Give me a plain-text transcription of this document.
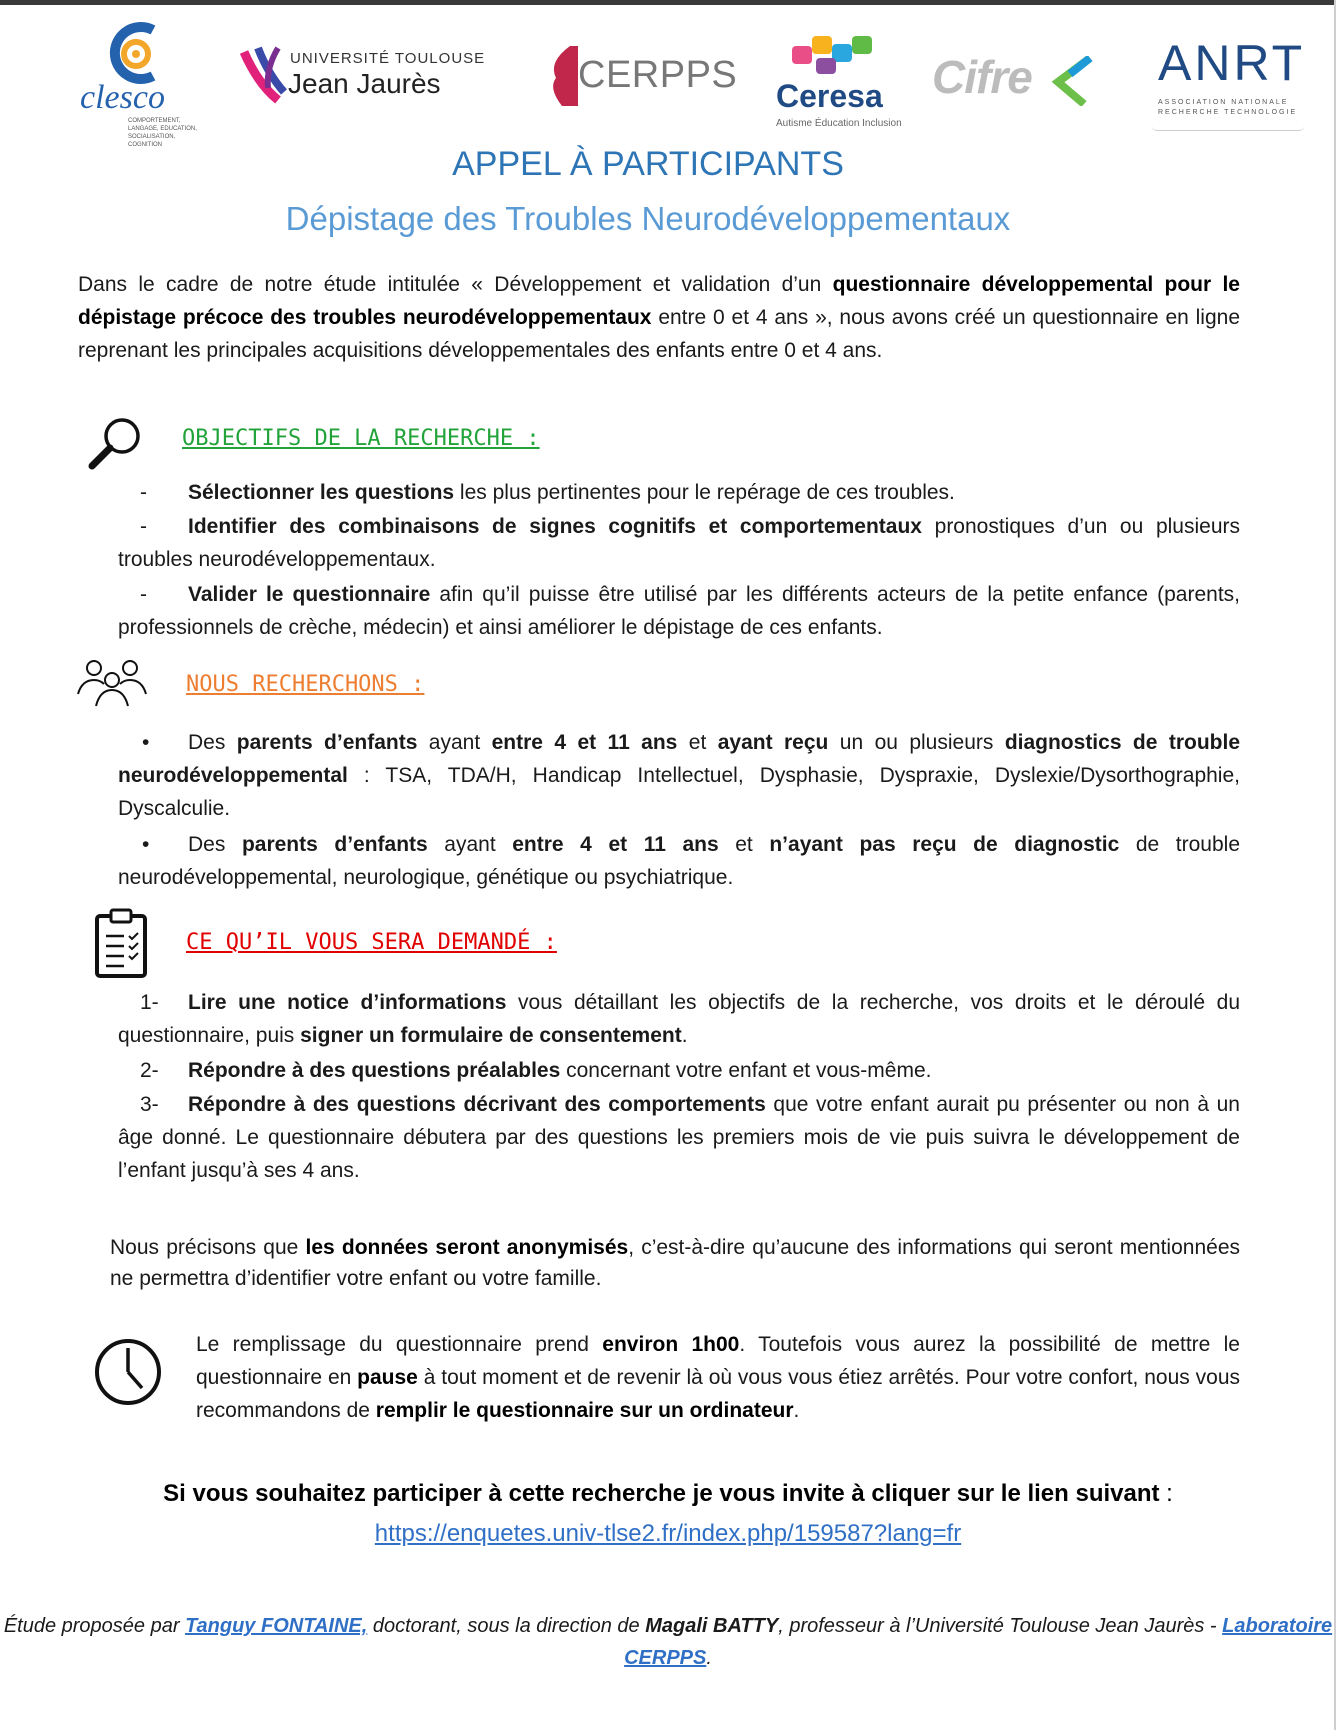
clesco
COMPORTEMENT, LANGAGE, EDUCATION, SOCIALISATION, COGNITION
UNIVERSITÉ TOULOUSE
Jean Jaurès	CERPPS Ceresa
Autisme Éducation Inclusion
Cifre	ANRT
ASSOCIATION NATIONALE
RECHERCHE TECHNOLOGIE
APPEL À PARTICIPANTS
Dépistage des Troubles Neurodéveloppementaux
Dans le cadre de notre étude intitulée « Développement et validation d’un questionnaire développemental pour le dépistage précoce des troubles neurodéveloppementaux entre 0 et 4 ans », nous avons créé un questionnaire en ligne reprenant les principales acquisitions développementales des enfants entre 0 et 4 ans.
OBJECTIFS DE LA RECHERCHE :
- Sélectionner les questions les plus pertinentes pour le repérage de ces troubles.
- Identifier des combinaisons de signes cognitifs et comportementaux pronostiques d’un ou plusieurs troubles neurodéveloppementaux.
- Valider le questionnaire afin qu’il puisse être utilisé par les différents acteurs de la petite enfance (parents, professionnels de crèche, médecin) et ainsi améliorer le dépistage de ces enfants.
NOUS RECHERCHONS :
• Des parents d’enfants ayant entre 4 et 11 ans et ayant reçu un ou plusieurs diagnostics de trouble neurodéveloppemental : TSA, TDA/H, Handicap Intellectuel, Dysphasie, Dyspraxie, Dyslexie/Dysorthographie, Dyscalculie.
• Des parents d’enfants ayant entre 4 et 11 ans et n’ayant pas reçu de diagnostic de trouble neurodéveloppemental, neurologique, génétique ou psychiatrique.
CE QU’IL VOUS SERA DEMANDÉ :
1- Lire une notice d’informations vous détaillant les objectifs de la recherche, vos droits et le déroulé du questionnaire, puis signer un formulaire de consentement.
2- Répondre à des questions préalables concernant votre enfant et vous-même.
3- Répondre à des questions décrivant des comportements que votre enfant aurait pu présenter ou non à un âge donné. Le questionnaire débutera par des questions les premiers mois de vie puis suivra le développement de l’enfant jusqu’à ses 4 ans.
Nous précisons que les données seront anonymisés, c’est-à-dire qu’aucune des informations qui seront mentionnées ne permettra d’identifier votre enfant ou votre famille.
Le remplissage du questionnaire prend environ 1h00. Toutefois vous aurez la possibilité de mettre le questionnaire en pause à tout moment et de revenir là où vous vous étiez arrêtés. Pour votre confort, nous vous recommandons de remplir le questionnaire sur un ordinateur.
Si vous souhaitez participer à cette recherche je vous invite à cliquer sur le lien suivant :
https://enquetes.univ-tlse2.fr/index.php/159587?lang=fr
Étude proposée par Tanguy FONTAINE, doctorant, sous la direction de Magali BATTY, professeur à l’Université Toulouse Jean Jaurès - Laboratoire CERPPS.
